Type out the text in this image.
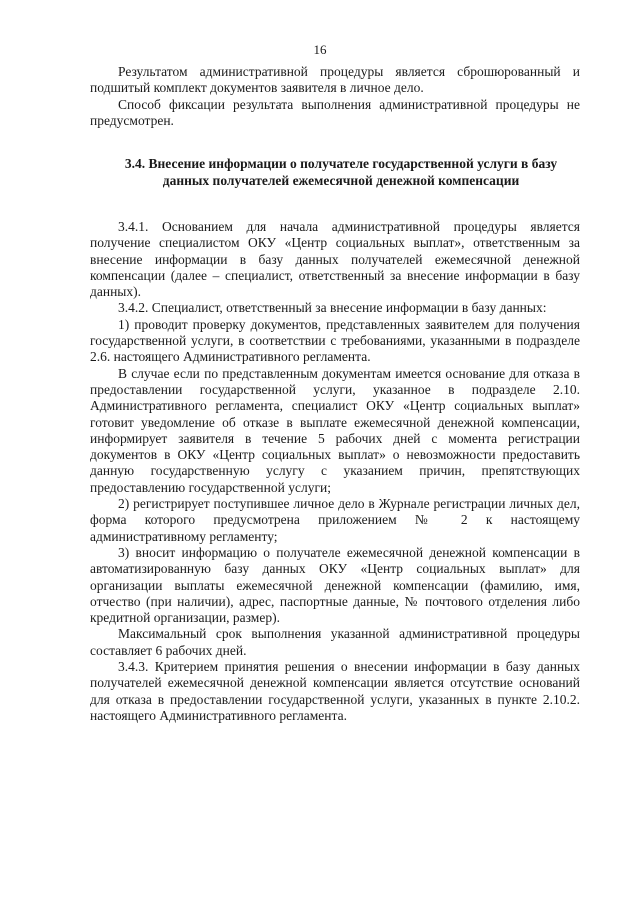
16

Результатом административной процедуры является сброшюрованный и подшитый комплект документов заявителя в личное дело.

Способ фиксации результата выполнения административной процедуры не предусмотрен.

3.4. Внесение информации о получателе государственной услуги в базу данных получателей ежемесячной денежной компенсации

3.4.1. Основанием для начала административной процедуры является получение специалистом ОКУ «Центр социальных выплат», ответственным за внесение информации в базу данных получателей ежемесячной денежной компенсации (далее – специалист, ответственный за внесение информации в базу данных).

3.4.2. Специалист, ответственный за внесение информации в базу данных:

1) проводит проверку документов, представленных заявителем для получения государственной услуги, в соответствии с требованиями, указанными в подразделе 2.6. настоящего Административного регламента.

В случае если по представленным документам имеется основание для отказа в предоставлении государственной услуги, указанное в подразделе 2.10. Административного регламента, специалист ОКУ «Центр социальных выплат» готовит уведомление об отказе в выплате ежемесячной денежной компенсации, информирует заявителя в течение 5 рабочих дней с момента регистрации документов в ОКУ «Центр социальных выплат» о невозможности предоставить данную государственную услугу с указанием причин, препятствующих предоставлению государственной услуги;

2) регистрирует поступившее личное дело в Журнале регистрации личных дел, форма которого предусмотрена приложением № 2 к настоящему административному регламенту;

3) вносит информацию о получателе ежемесячной денежной компенсации в автоматизированную базу данных ОКУ «Центр социальных выплат» для организации выплаты ежемесячной денежной компенсации (фамилию, имя, отчество (при наличии), адрес, паспортные данные, № почтового отделения либо кредитной организации, размер).

Максимальный срок выполнения указанной административной процедуры составляет 6 рабочих дней.

3.4.3. Критерием принятия решения о внесении информации в базу данных получателей ежемесячной денежной компенсации является отсутствие оснований для отказа в предоставлении государственной услуги, указанных в пункте 2.10.2. настоящего Административного регламента.
